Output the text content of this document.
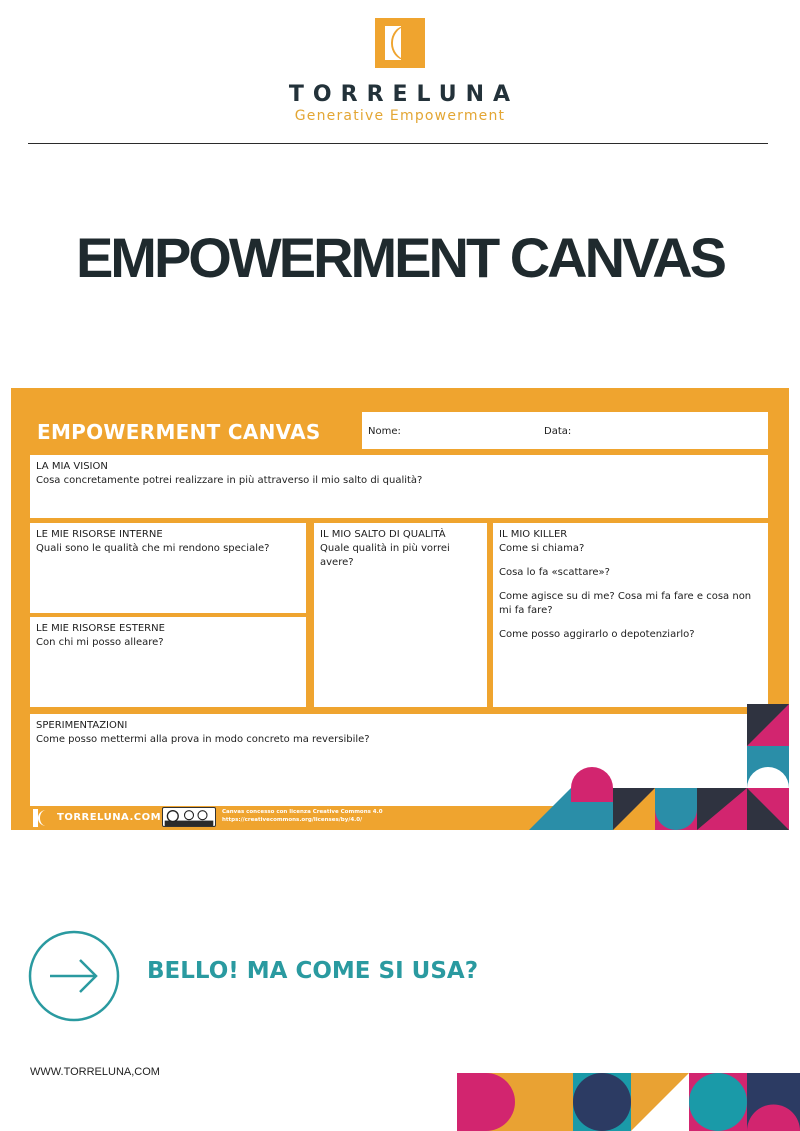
TORRELUNA
Generative Empowerment
EMPOWERMENT CANVAS
EMPOWERMENT CANVAS	Nome:	Data:
LA MIA VISION
Cosa concretamente potrei realizzare in più attraverso il mio salto di qualità?
LE MIE RISORSE INTERNE
Quali sono le qualità che mi rendono speciale?
LE MIE RISORSE ESTERNE
Con chi mi posso alleare?
IL MIO SALTO DI QUALITÀ
Quale qualità in più vorrei avere?
IL MIO KILLER
Come si chiama?
Cosa lo fa «scattare»?
Come agisce su di me? Cosa mi fa fare e cosa non mi fa fare?
Come posso aggirarlo o depotenziarlo?
SPERIMENTAZIONI
Come posso mettermi alla prova in modo concreto ma reversibile?
TORRELUNA.COM	Canvas concesso con licenza Creative Commons 4.0
https://creativecommons.org/licenses/by/4.0/
BELLO! MA COME SI USA?
WWW.TORRELUNA,COM
